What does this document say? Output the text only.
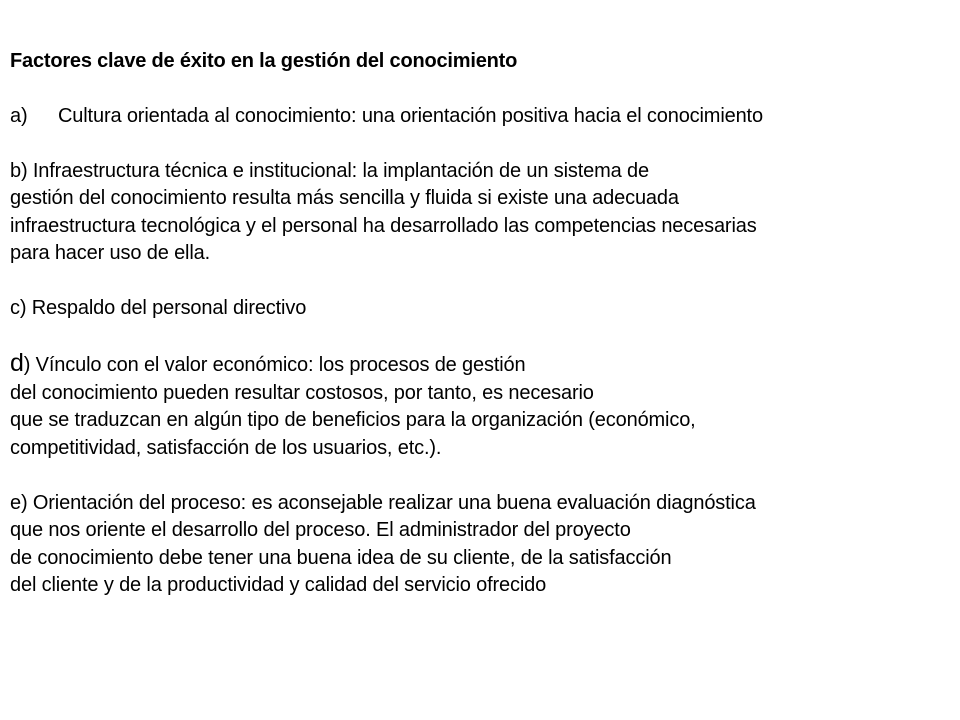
Factores clave de éxito en la gestión del conocimiento

a) Cultura orientada al conocimiento: una orientación positiva hacia el conocimiento

b) Infraestructura técnica e institucional: la implantación de un sistema de
gestión del conocimiento resulta más sencilla y fluida si existe una adecuada
infraestructura tecnológica y el personal ha desarrollado las competencias necesarias
para hacer uso de ella.

c) Respaldo del personal directivo

d) Vínculo con el valor económico: los procesos de gestión
del conocimiento pueden resultar costosos, por tanto, es necesario
que se traduzcan en algún tipo de beneficios para la organización (económico,
competitividad, satisfacción de los usuarios, etc.).

e) Orientación del proceso: es aconsejable realizar una buena evaluación diagnóstica
que nos oriente el desarrollo del proceso. El administrador del proyecto
de conocimiento debe tener una buena idea de su cliente, de la satisfacción
del cliente y de la productividad y calidad del servicio ofrecido
